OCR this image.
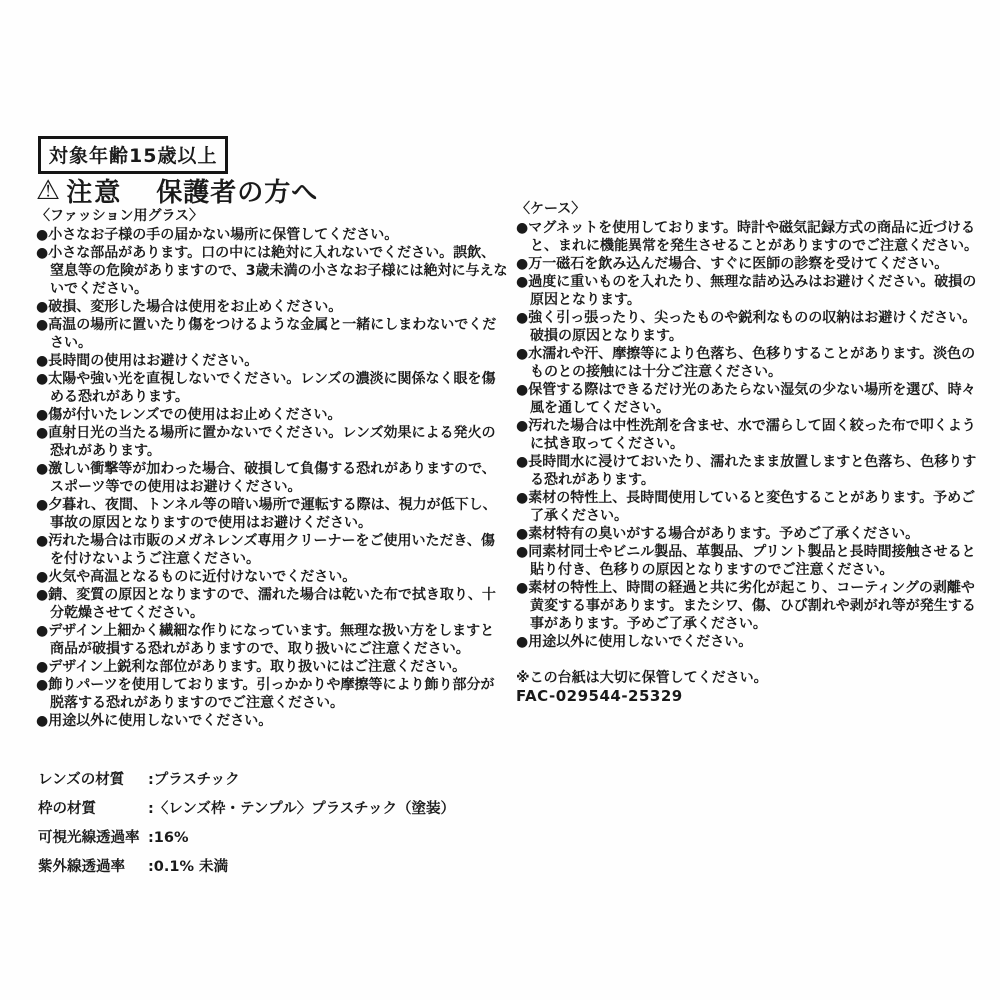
対象年齢15歳以上
⚠ 注意 保護者の方へ
〈ファッション用グラス〉
●小さなお子様の手の届かない場所に保管してください。
●小さな部品があります。口の中には絶対に入れないでください。誤飲、窒息等の危険がありますので、3歳未満の小さなお子様には絶対に与えないでください。
●破損、変形した場合は使用をお止めください。
●高温の場所に置いたり傷をつけるような金属と一緒にしまわないでください。
●長時間の使用はお避けください。
●太陽や強い光を直視しないでください。レンズの濃淡に関係なく眼を傷める恐れがあります。
●傷が付いたレンズでの使用はお止めください。
●直射日光の当たる場所に置かないでください。レンズ効果による発火の恐れがあります。
●激しい衝撃等が加わった場合、破損して負傷する恐れがありますので、スポーツ等での使用はお避けください。
●夕暮れ、夜間、トンネル等の暗い場所で運転する際は、視力が低下し、事故の原因となりますので使用はお避けください。
●汚れた場合は市販のメガネレンズ専用クリーナーをご使用いただき、傷を付けないようご注意ください。
●火気や高温となるものに近付けないでください。
●錆、変質の原因となりますので、濡れた場合は乾いた布で拭き取り、十分乾燥させてください。
●デザイン上細かく繊細な作りになっています。無理な扱い方をしますと商品が破損する恐れがありますので、取り扱いにご注意ください。
●デザイン上鋭利な部位があります。取り扱いにはご注意ください。
●飾りパーツを使用しております。引っかかりや摩擦等により飾り部分が脱落する恐れがありますのでご注意ください。
●用途以外に使用しないでください。
〈ケース〉
●マグネットを使用しております。時計や磁気記録方式の商品に近づけると、まれに機能異常を発生させることがありますのでご注意ください。
●万一磁石を飲み込んだ場合、すぐに医師の診察を受けてください。
●過度に重いものを入れたり、無理な詰め込みはお避けください。破損の原因となります。
●強く引っ張ったり、尖ったものや鋭利なものの収納はお避けください。破損の原因となります。
●水濡れや汗、摩擦等により色落ち、色移りすることがあります。淡色のものとの接触には十分ご注意ください。
●保管する際はできるだけ光のあたらない湿気の少ない場所を選び、時々風を通してください。
●汚れた場合は中性洗剤を含ませ、水で濡らして固く絞った布で叩くように拭き取ってください。
●長時間水に浸けておいたり、濡れたまま放置しますと色落ち、色移りする恐れがあります。
●素材の特性上、長時間使用していると変色することがあります。予めご了承ください。
●素材特有の臭いがする場合があります。予めご了承ください。
●同素材同士やビニル製品、革製品、プリント製品と長時間接触させると貼り付き、色移りの原因となりますのでご注意ください。
●素材の特性上、時間の経過と共に劣化が起こり、コーティングの剥離や黄変する事があります。またシワ、傷、ひび割れや剥がれ等が発生する事があります。予めご了承ください。
●用途以外に使用しないでください。
※この台紙は大切に保管してください。
FAC-029544-25329
レンズの材質	:プラスチック
枠の材質	:〈レンズ枠・テンプル〉プラスチック（塗装）
可視光線透過率 :16%
紫外線透過率	:0.1% 未満
